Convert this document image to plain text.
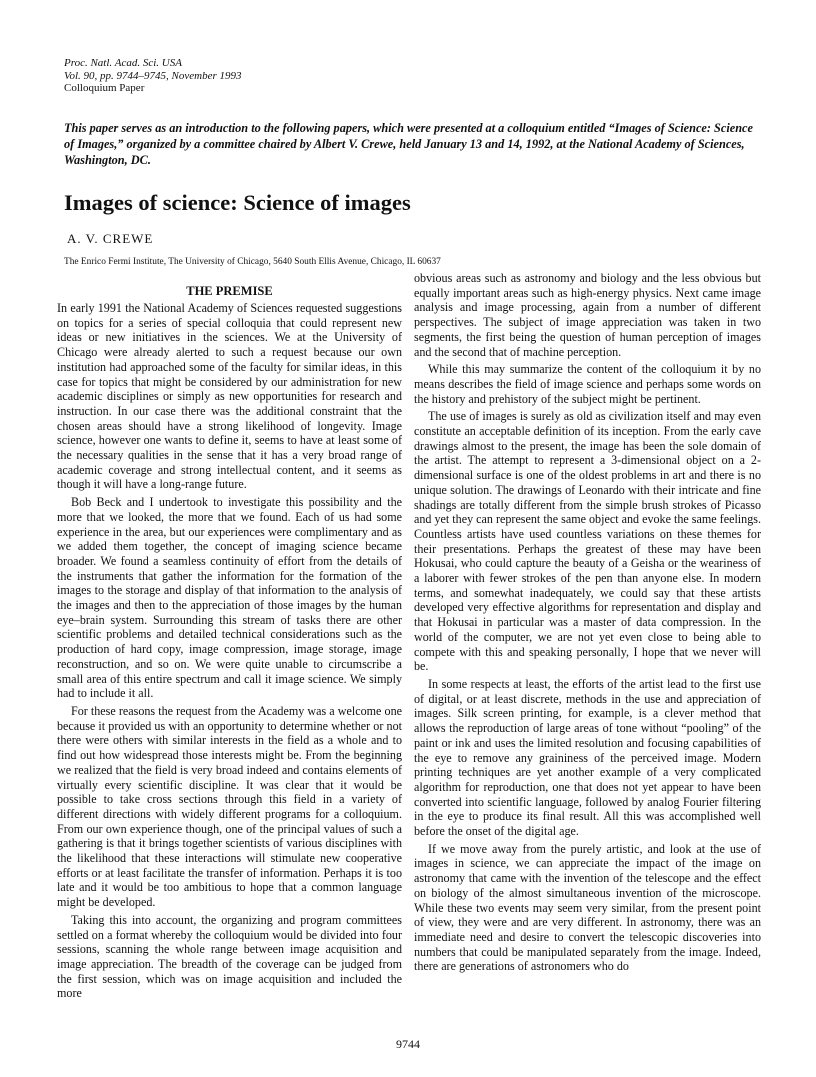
Proc. Natl. Acad. Sci. USA
Vol. 90, pp. 9744–9745, November 1993
Colloquium Paper
This paper serves as an introduction to the following papers, which were presented at a colloquium entitled “Images of Science: Science of Images,” organized by a committee chaired by Albert V. Crewe, held January 13 and 14, 1992, at the National Academy of Sciences, Washington, DC.
Images of science: Science of images
A. V. CREWE
The Enrico Fermi Institute, The University of Chicago, 5640 South Ellis Avenue, Chicago, IL 60637
THE PREMISE

In early 1991 the National Academy of Sciences requested suggestions on topics for a series of special colloquia that could represent new ideas or new initiatives in the sciences. We at the University of Chicago were already alerted to such a request because our own institution had approached some of the faculty for similar ideas, in this case for topics that might be considered by our administration for new academic disciplines or simply as new opportunities for research and instruction. In our case there was the additional constraint that the chosen areas should have a strong likelihood of longevity. Image science, however one wants to define it, seems to have at least some of the necessary qualities in the sense that it has a very broad range of academic coverage and strong intellectual content, and it seems as though it will have a long-range future.

Bob Beck and I undertook to investigate this possibility and the more that we looked, the more that we found. Each of us had some experience in the area, but our experiences were complimentary and as we added them together, the concept of imaging science became broader. We found a seamless continuity of effort from the details of the instruments that gather the information for the formation of the images to the storage and display of that information to the analysis of the images and then to the appreciation of those images by the human eye–brain system. Surrounding this stream of tasks there are other scientific problems and detailed technical considerations such as the production of hard copy, image compression, image storage, image reconstruction, and so on. We were quite unable to circumscribe a small area of this entire spectrum and call it image science. We simply had to include it all.

For these reasons the request from the Academy was a welcome one because it provided us with an opportunity to determine whether or not there were others with similar interests in the field as a whole and to find out how widespread those interests might be. From the beginning we realized that the field is very broad indeed and contains elements of virtually every scientific discipline. It was clear that it would be possible to take cross sections through this field in a variety of different directions with widely different programs for a colloquium. From our own experience though, one of the principal values of such a gathering is that it brings together scientists of various disciplines with the likelihood that these interactions will stimulate new cooperative efforts or at least facilitate the transfer of information. Perhaps it is too late and it would be too ambitious to hope that a common language might be developed.

Taking this into account, the organizing and program committees settled on a format whereby the colloquium would be divided into four sessions, scanning the whole range between image acquisition and image appreciation. The breadth of the coverage can be judged from the first session, which was on image acquisition and included the more

obvious areas such as astronomy and biology and the less obvious but equally important areas such as high-energy physics. Next came image analysis and image processing, again from a number of different perspectives. The subject of image appreciation was taken in two segments, the first being the question of human perception of images and the second that of machine perception.

While this may summarize the content of the colloquium it by no means describes the field of image science and perhaps some words on the history and prehistory of the subject might be pertinent.

The use of images is surely as old as civilization itself and may even constitute an acceptable definition of its inception. From the early cave drawings almost to the present, the image has been the sole domain of the artist. The attempt to represent a 3-dimensional object on a 2-dimensional surface is one of the oldest problems in art and there is no unique solution. The drawings of Leonardo with their intricate and fine shadings are totally different from the simple brush strokes of Picasso and yet they can represent the same object and evoke the same feelings. Countless artists have used countless variations on these themes for their presentations. Perhaps the greatest of these may have been Hokusai, who could capture the beauty of a Geisha or the weariness of a laborer with fewer strokes of the pen than anyone else. In modern terms, and somewhat inadequately, we could say that these artists developed very effective algorithms for representation and display and that Hokusai in particular was a master of data compression. In the world of the computer, we are not yet even close to being able to compete with this and speaking personally, I hope that we never will be.

In some respects at least, the efforts of the artist lead to the first use of digital, or at least discrete, methods in the use and appreciation of images. Silk screen printing, for example, is a clever method that allows the reproduction of large areas of tone without “pooling” of the paint or ink and uses the limited resolution and focusing capabilities of the eye to remove any graininess of the perceived image. Modern printing techniques are yet another example of a very complicated algorithm for reproduction, one that does not yet appear to have been converted into scientific language, followed by analog Fourier filtering in the eye to produce its final result. All this was accomplished well before the onset of the digital age.

If we move away from the purely artistic, and look at the use of images in science, we can appreciate the impact of the image on astronomy that came with the invention of the telescope and the effect on biology of the almost simultaneous invention of the microscope. While these two events may seem very similar, from the present point of view, they were and are very different. In astronomy, there was an immediate need and desire to convert the telescopic discoveries into numbers that could be manipulated separately from the image. Indeed, there are generations of astronomers who do

9744
